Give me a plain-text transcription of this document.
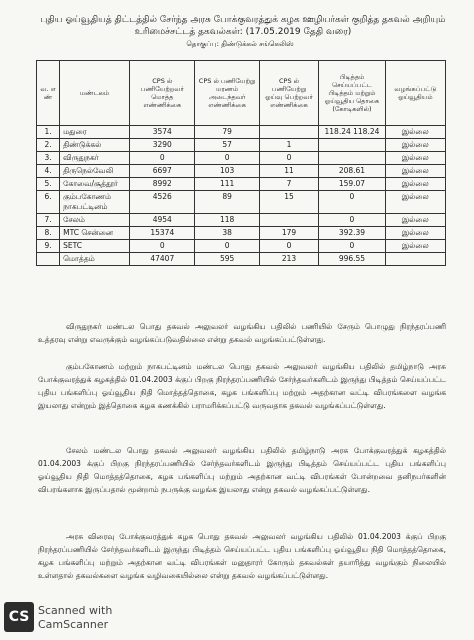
புதிய ஓய்வூதியத் திட்டத்தில் சேர்ந்த அரசு போக்குவரத்துக் கழக ஊழியர்கள் குறித்த தகவல் அறியும் உரிமைச்சட்டத் தகவல்கள்: (17.05.2019 தேதி வரை)
தொகுப்பு: திண்டுக்கல் சங்கெலிஸ்
வ. எ ண்	மண்டலம்	CPS ல் பணியேற்றவர் மொத்த எண்ணிக்கை	CPS ல் பணியேற்று மரணம் அடைந்தவர் எண்ணிக்கை	CPS ல் பணியேற்று ஓய்வு பெற்றவர் எண்ணிக்கை	பிடித்தம் செய்யப்பட்ட பிடித்தம் மற்றும் ஓய்வூதிய தொகை (கோடிகளில்)	வழங்கப்பட்டு ஓய்வூதியம்
1.	மதுரை	3574	79		118.24 118.24	இல்லை
2.	திண்டுக்கல்	3290	57	1		இல்லை
3.	விருதுநகர்	0	0	0		இல்லை
4.	திருநெல்வேலி	6697	103	11	208.61	இல்லை
5.	கோவை/சூத்தூர்	8992	111	7	159.07	இல்லை
6.	கும்பகோணம் நாகபட்டினம்	4526	89	15	0	இல்லை
7.	சேலம்	4954	118		0	இல்லை
8.	MTC சென்னை	15374	38	179	392.39	இல்லை
9.	SETC	0	0	0	0	இல்லை
	மொத்தம்	47407	595	213	996.55	
விருதுநகர் மண்டல பொது தகவல் அலுவலர் வழங்கிய பதிலில் பணியில் சேரும் பொழுது நிரந்தரப்பணி உத்தரவு என்று எவருக்கும் வழங்கப்படுவதில்லை என்று தகவல் வழங்கப்பட்டுள்ளது.
கும்பகோணம் மற்றும் நாகபட்டினம் மண்டல பொது தகவல் அலுவலர் வழங்கிய பதிலில் தமிழ்நாடு அரசு போக்குவரத்துக் கழகத்தில் 01.04.2003 க்குப் பிறகு நிரந்தரப்பணியில் சேர்ந்தவர்களிடம் இருந்து பிடித்தம் செய்யப்பட்ட புதிய பங்களிப்பு ஓய்வூதிய நிதி மொத்தத்தொகை, கழக பங்களிப்பு மற்றும் அதற்கான வட்டி விபரங்களை வழங்க இயலாது என்றும் இத்தொகை கழக கணக்கில் பராமரிக்கப்பட்டு வருவதாக தகவல் வழங்கப்பட்டுள்ளது.
சேலம் மண்டல பொது தகவல் அலுவலர் வழங்கிய பதிலில் தமிழ்நாடு அரசு போக்குவரத்துக் கழகத்தில் 01.04.2003 க்குப் பிறகு நிரந்தரப்பணியில் சேர்ந்தவர்களிடம் இருந்து பிடித்தம் செய்யப்பட்ட புதிய பங்களிப்பு ஓய்வூதிய நிதி மொத்தத்தொகை, கழக பங்களிப்பு மற்றும் அதற்கான வட்டி விபரங்கள் போன்றவை தனிநபர்களின் விபரங்களாக இருப்பதால் மூன்றாம் நபருக்கு வழங்க இயலாது என்று தகவல் வழங்கப்பட்டுள்ளது.
அரசு விரைவு போக்குவரத்துக் கழக பொது தகவல் அலுவலர் வழங்கிய பதிலில் 01.04.2003 க்குப் பிறகு நிரந்தரப்பணியில் சேர்ந்தவர்களிடம் இருந்து பிடித்தம் செய்யப்பட்ட புதிய பங்களிப்பு ஓய்வூதிய நிதி மொத்தத்தொகை, கழக பங்களிப்பு மற்றும் அதற்கான வட்டி விபரங்கள் மனுதாரர் கோரும் தகவல்கள் தயாரித்து வழங்கும் நிலையில் உள்ளதால் தகவல்களை வழங்க வழிவகையில்லை என்று தகவல் வழங்கப்பட்டுள்ளது.
CS Scanned with
CamScanner
